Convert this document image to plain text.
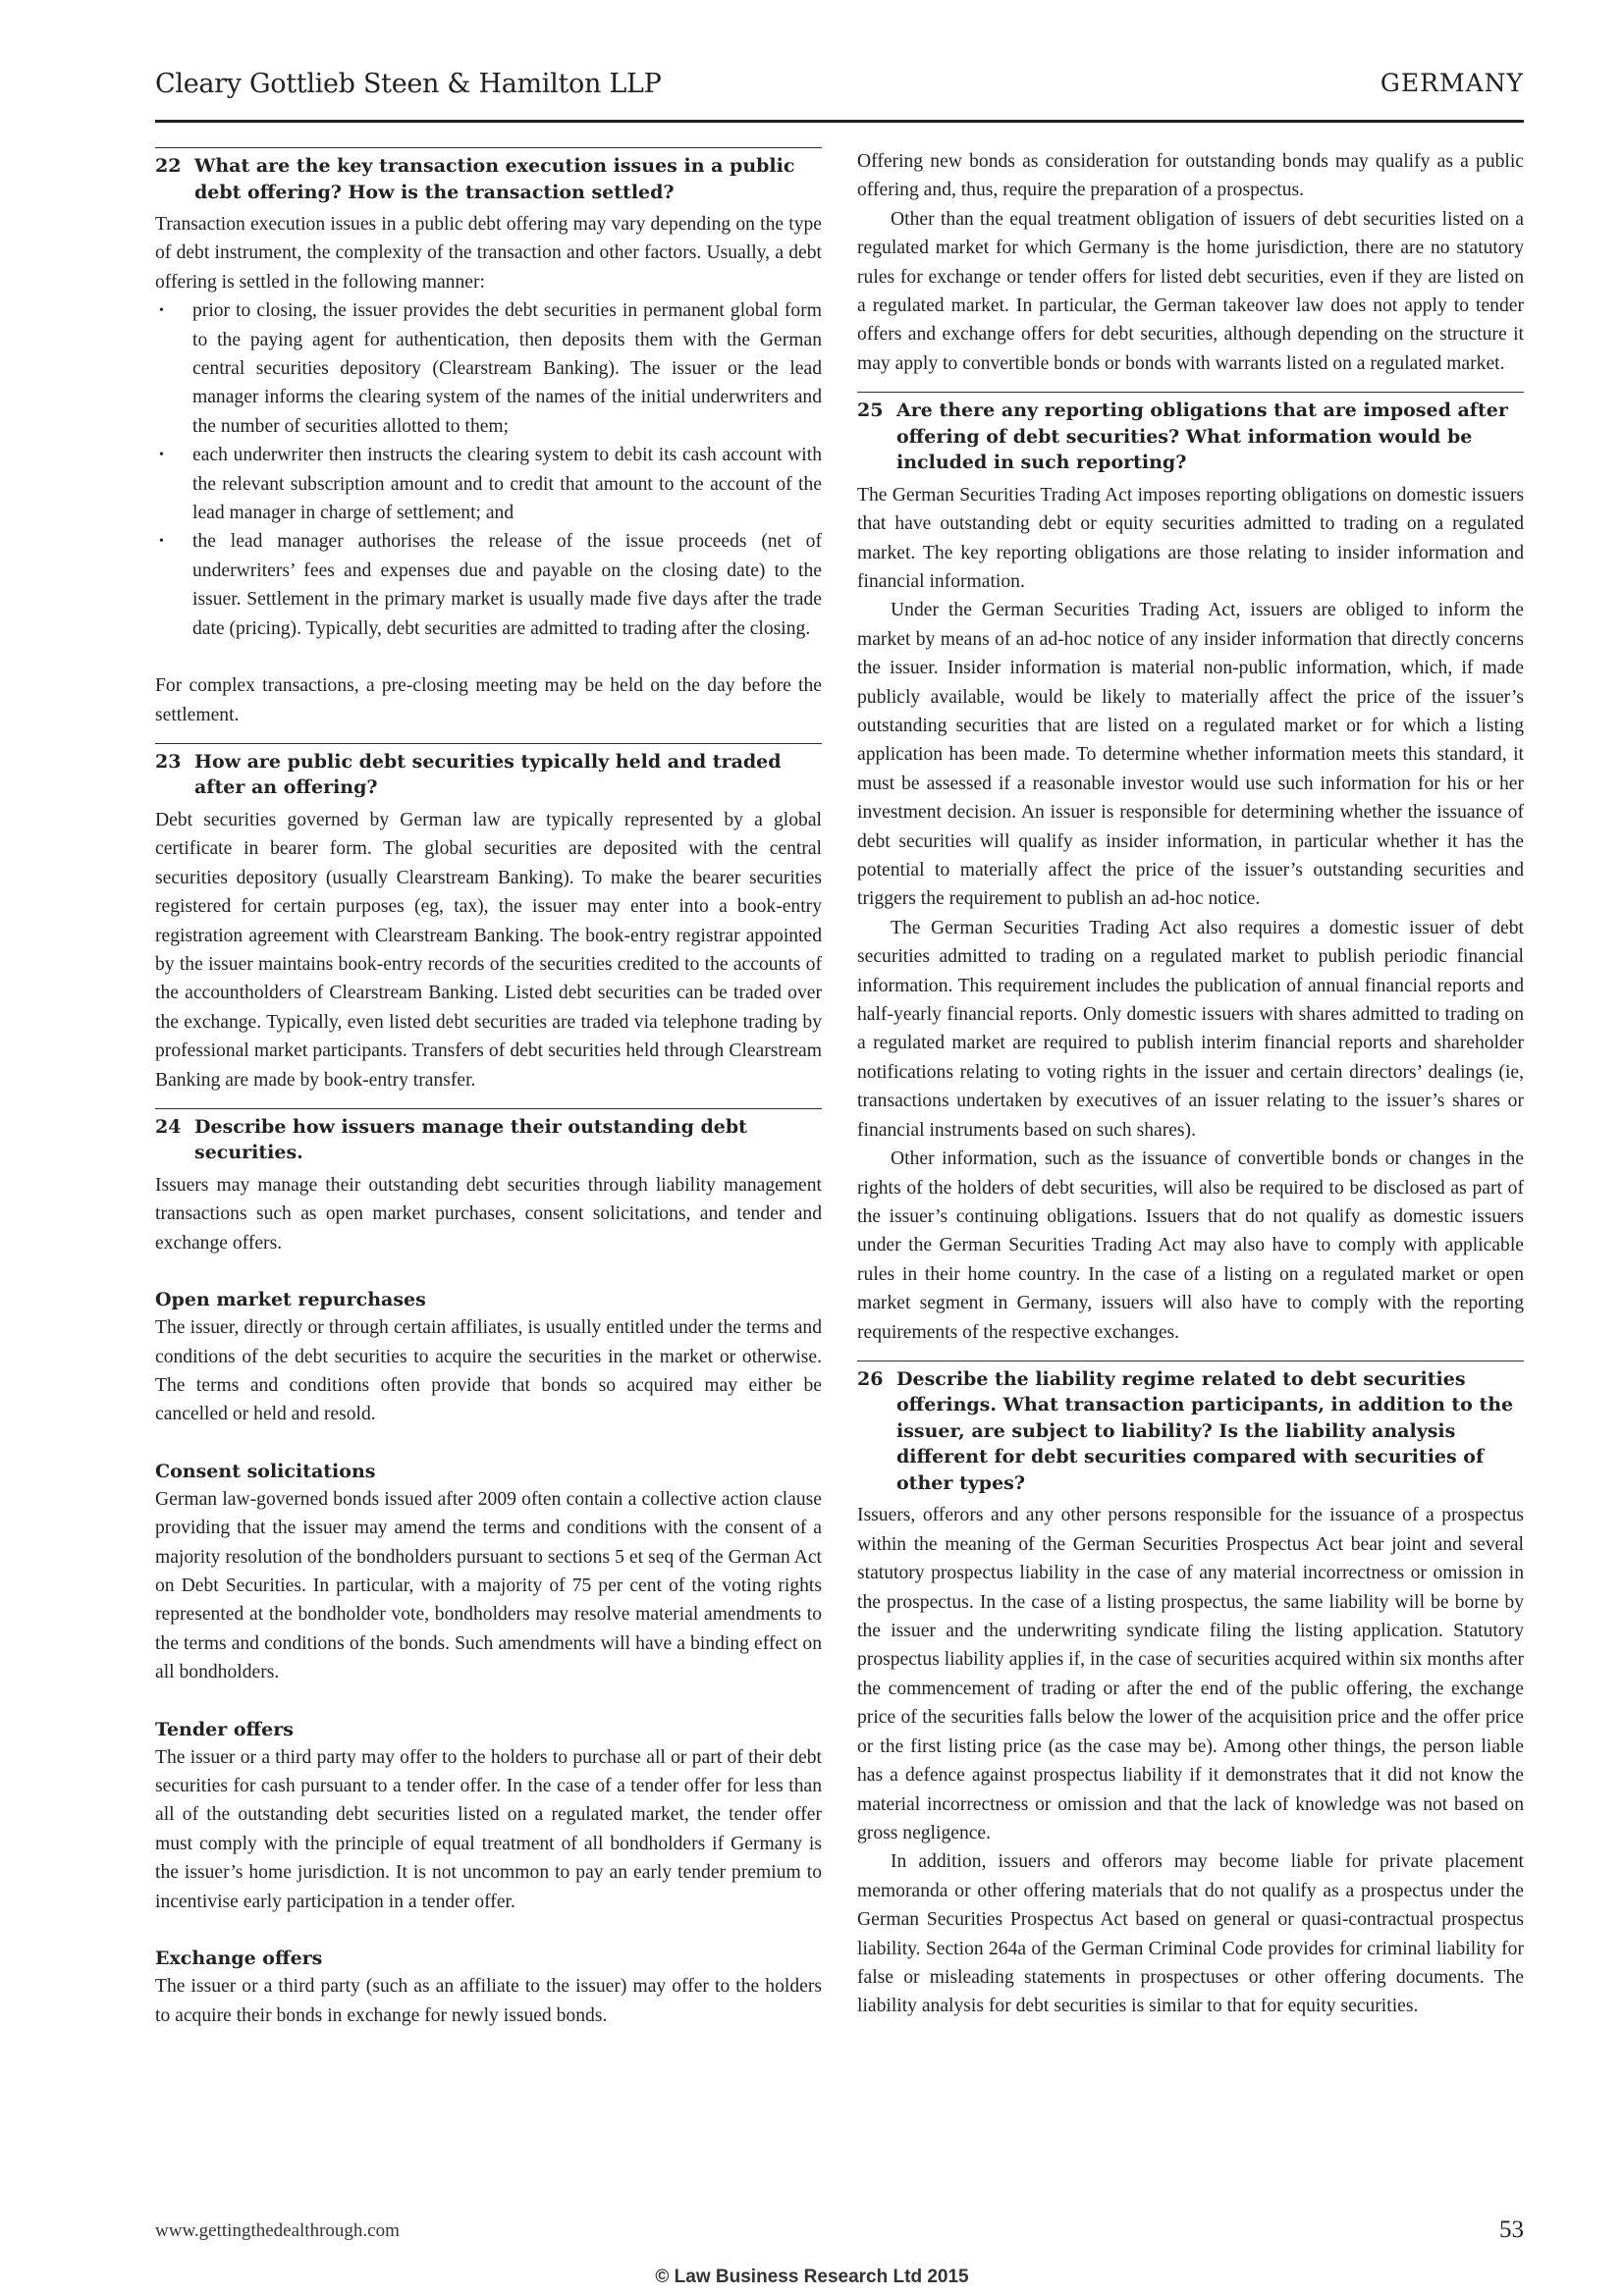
Cleary Gottlieb Steen & Hamilton LLP	GERMANY
22 What are the key transaction execution issues in a public debt offering? How is the transaction settled?

Transaction execution issues in a public debt offering may vary depending on the type of debt instrument, the complexity of the transaction and other factors. Usually, a debt offering is settled in the following manner:

• prior to closing, the issuer provides the debt securities in permanent global form to the paying agent for authentication, then deposits them with the German central securities depository (Clearstream Banking). The issuer or the lead manager informs the clearing system of the names of the initial underwriters and the number of securities allotted to them;
• each underwriter then instructs the clearing system to debit its cash account with the relevant subscription amount and to credit that amount to the account of the lead manager in charge of settlement; and
• the lead manager authorises the release of the issue proceeds (net of underwriters’ fees and expenses due and payable on the closing date) to the issuer. Settlement in the primary market is usually made five days after the trade date (pricing). Typically, debt securities are admitted to trading after the closing.

For complex transactions, a pre-closing meeting may be held on the day before the settlement.

23 How are public debt securities typically held and traded after an offering?

Debt securities governed by German law are typically represented by a global certificate in bearer form. The global securities are deposited with the central securities depository (usually Clearstream Banking). To make the bearer securities registered for certain purposes (eg, tax), the issuer may enter into a book-entry registration agreement with Clearstream Banking. The book-entry registrar appointed by the issuer maintains book-entry records of the securities credited to the accounts of the accountholders of Clearstream Banking. Listed debt securities can be traded over the exchange. Typically, even listed debt securities are traded via telephone trading by professional market participants. Transfers of debt securities held through Clearstream Banking are made by book-entry transfer.

24 Describe how issuers manage their outstanding debt securities.

Issuers may manage their outstanding debt securities through liability management transactions such as open market purchases, consent solicitations, and tender and exchange offers.

Open market repurchases

The issuer, directly or through certain affiliates, is usually entitled under the terms and conditions of the debt securities to acquire the securities in the market or otherwise. The terms and conditions often provide that bonds so acquired may either be cancelled or held and resold.

Consent solicitations

German law-governed bonds issued after 2009 often contain a collective action clause providing that the issuer may amend the terms and conditions with the consent of a majority resolution of the bondholders pursuant to sections 5 et seq of the German Act on Debt Securities. In particular, with a majority of 75 per cent of the voting rights represented at the bondholder vote, bondholders may resolve material amendments to the terms and conditions of the bonds. Such amendments will have a binding effect on all bondholders.

Tender offers

The issuer or a third party may offer to the holders to purchase all or part of their debt securities for cash pursuant to a tender offer. In the case of a tender offer for less than all of the outstanding debt securities listed on a regulated market, the tender offer must comply with the principle of equal treatment of all bondholders if Germany is the issuer’s home jurisdiction. It is not uncommon to pay an early tender premium to incentivise early participation in a tender offer.

Exchange offers

The issuer or a third party (such as an affiliate to the issuer) may offer to the holders to acquire their bonds in exchange for newly issued bonds.

Offering new bonds as consideration for outstanding bonds may qualify as a public offering and, thus, require the preparation of a prospectus.

Other than the equal treatment obligation of issuers of debt securities listed on a regulated market for which Germany is the home jurisdiction, there are no statutory rules for exchange or tender offers for listed debt securities, even if they are listed on a regulated market. In particular, the German takeover law does not apply to tender offers and exchange offers for debt securities, although depending on the structure it may apply to convertible bonds or bonds with warrants listed on a regulated market.

25 Are there any reporting obligations that are imposed after offering of debt securities? What information would be included in such reporting?

The German Securities Trading Act imposes reporting obligations on domestic issuers that have outstanding debt or equity securities admitted to trading on a regulated market. The key reporting obligations are those relating to insider information and financial information.

Under the German Securities Trading Act, issuers are obliged to inform the market by means of an ad-hoc notice of any insider information that directly concerns the issuer. Insider information is material non-public information, which, if made publicly available, would be likely to materially affect the price of the issuer’s outstanding securities that are listed on a regulated market or for which a listing application has been made. To determine whether information meets this standard, it must be assessed if a reasonable investor would use such information for his or her investment decision. An issuer is responsible for determining whether the issuance of debt securities will qualify as insider information, in particular whether it has the potential to materially affect the price of the issuer’s outstanding securities and triggers the requirement to publish an ad-hoc notice.

The German Securities Trading Act also requires a domestic issuer of debt securities admitted to trading on a regulated market to publish periodic financial information. This requirement includes the publication of annual financial reports and half-yearly financial reports. Only domestic issuers with shares admitted to trading on a regulated market are required to publish interim financial reports and shareholder notifications relating to voting rights in the issuer and certain directors’ dealings (ie, transactions undertaken by executives of an issuer relating to the issuer’s shares or financial instruments based on such shares).

Other information, such as the issuance of convertible bonds or changes in the rights of the holders of debt securities, will also be required to be disclosed as part of the issuer’s continuing obligations. Issuers that do not qualify as domestic issuers under the German Securities Trading Act may also have to comply with applicable rules in their home country. In the case of a listing on a regulated market or open market segment in Germany, issuers will also have to comply with the reporting requirements of the respective exchanges.

26 Describe the liability regime related to debt securities offerings. What transaction participants, in addition to the issuer, are subject to liability? Is the liability analysis different for debt securities compared with securities of other types?

Issuers, offerors and any other persons responsible for the issuance of a prospectus within the meaning of the German Securities Prospectus Act bear joint and several statutory prospectus liability in the case of any material incorrectness or omission in the prospectus. In the case of a listing prospectus, the same liability will be borne by the issuer and the underwriting syndicate filing the listing application. Statutory prospectus liability applies if, in the case of securities acquired within six months after the commencement of trading or after the end of the public offering, the exchange price of the securities falls below the lower of the acquisition price and the offer price or the first listing price (as the case may be). Among other things, the person liable has a defence against prospectus liability if it demonstrates that it did not know the material incorrectness or omission and that the lack of knowledge was not based on gross negligence.

In addition, issuers and offerors may become liable for private placement memoranda or other offering materials that do not qualify as a prospectus under the German Securities Prospectus Act based on general or quasi-contractual prospectus liability. Section 264a of the German Criminal Code provides for criminal liability for false or misleading statements in prospectuses or other offering documents. The liability analysis for debt securities is similar to that for equity securities.

www.gettingthedealthrough.com	53
© Law Business Research Ltd 2015
